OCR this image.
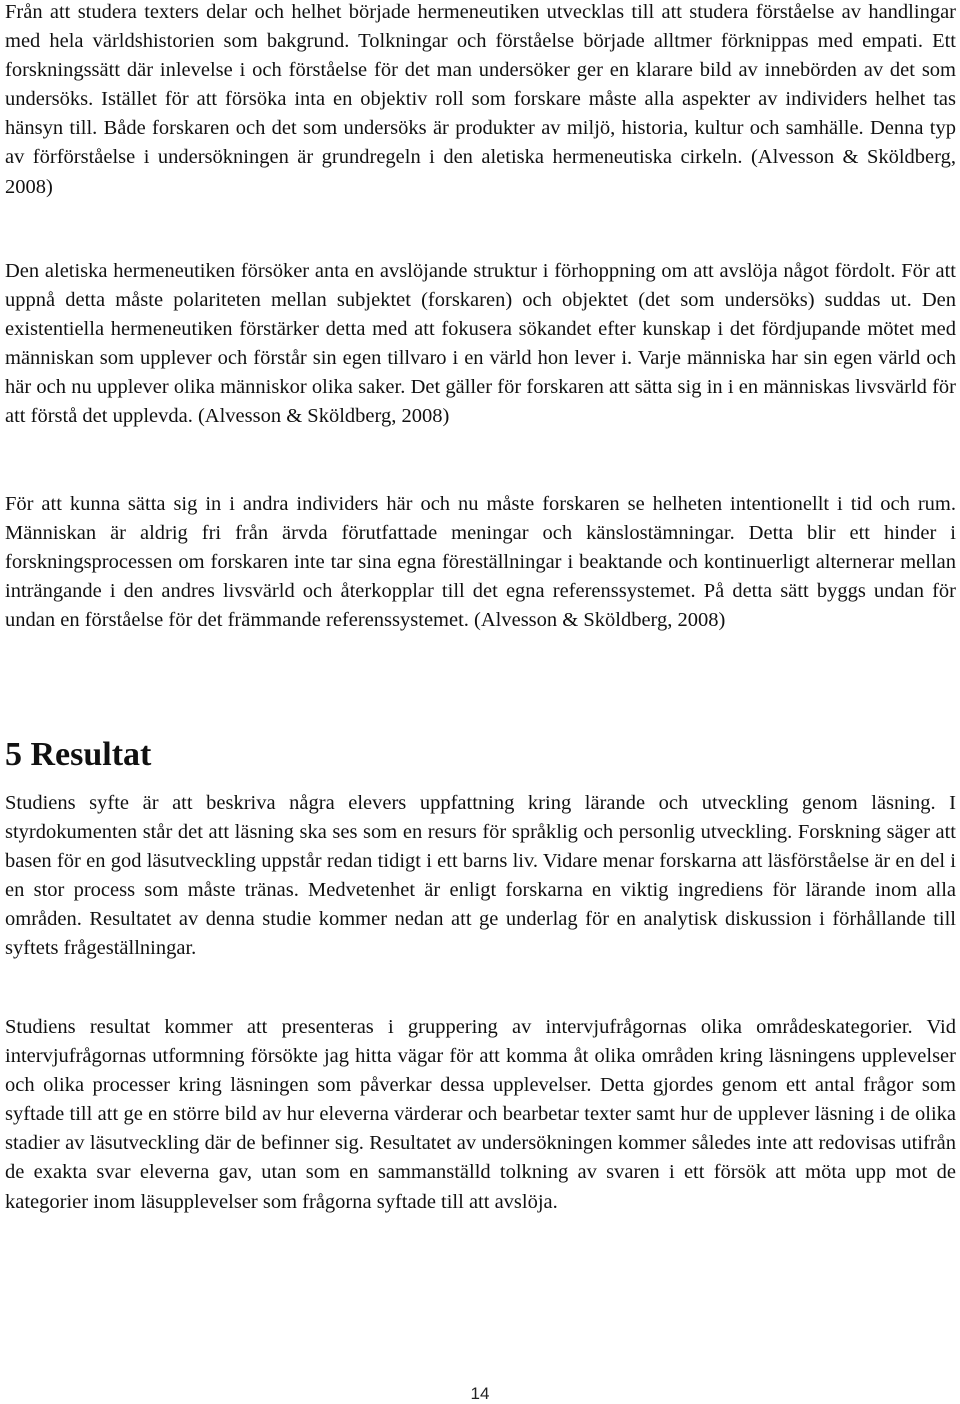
Från att studera texters delar och helhet började hermeneutiken utvecklas till att studera förståelse av handlingar med hela världshistorien som bakgrund. Tolkningar och förståelse började alltmer förknippas med empati. Ett forskningssätt där inlevelse i och förståelse för det man undersöker ger en klarare bild av innebörden av det som undersöks. Istället för att försöka inta en objektiv roll som forskare måste alla aspekter av individers helhet tas hänsyn till. Både forskaren och det som undersöks är produkter av miljö, historia, kultur och samhälle. Denna typ av förförståelse i undersökningen är grundregeln i den aletiska hermeneutiska cirkeln. (Alvesson & Sköldberg, 2008)

Den aletiska hermeneutiken försöker anta en avslöjande struktur i förhoppning om att avslöja något fördolt. För att uppnå detta måste polariteten mellan subjektet (forskaren) och objektet (det som undersöks) suddas ut. Den existentiella hermeneutiken förstärker detta med att fokusera sökandet efter kunskap i det fördjupande mötet med människan som upplever och förstår sin egen tillvaro i en värld hon lever i. Varje människa har sin egen värld och här och nu upplever olika människor olika saker. Det gäller för forskaren att sätta sig in i en människas livsvärld för att förstå det upplevda. (Alvesson & Sköldberg, 2008)

För att kunna sätta sig in i andra individers här och nu måste forskaren se helheten intentionellt i tid och rum. Människan är aldrig fri från ärvda förutfattade meningar och känslostämningar. Detta blir ett hinder i forskningsprocessen om forskaren inte tar sina egna föreställningar i beaktande och kontinuerligt alternerar mellan inträngande i den andres livsvärld och återkopplar till det egna referenssystemet. På detta sätt byggs undan för undan en förståelse för det främmande referenssystemet. (Alvesson & Sköldberg, 2008)

5 Resultat

Studiens syfte är att beskriva några elevers uppfattning kring lärande och utveckling genom läsning. I styrdokumenten står det att läsning ska ses som en resurs för språklig och personlig utveckling. Forskning säger att basen för en god läsutveckling uppstår redan tidigt i ett barns liv. Vidare menar forskarna att läsförståelse är en del i en stor process som måste tränas. Medvetenhet är enligt forskarna en viktig ingrediens för lärande inom alla områden. Resultatet av denna studie kommer nedan att ge underlag för en analytisk diskussion i förhållande till syftets frågeställningar.

Studiens resultat kommer att presenteras i gruppering av intervjufrågornas olika områdeskategorier. Vid intervjufrågornas utformning försökte jag hitta vägar för att komma åt olika områden kring läsningens upplevelser och olika processer kring läsningen som påverkar dessa upplevelser. Detta gjordes genom ett antal frågor som syftade till att ge en större bild av hur eleverna värderar och bearbetar texter samt hur de upplever läsning i de olika stadier av läsutveckling där de befinner sig. Resultatet av undersökningen kommer således inte att redovisas utifrån de exakta svar eleverna gav, utan som en sammanställd tolkning av svaren i ett försök att möta upp mot de kategorier inom läsupplevelser som frågorna syftade till att avslöja.

14
